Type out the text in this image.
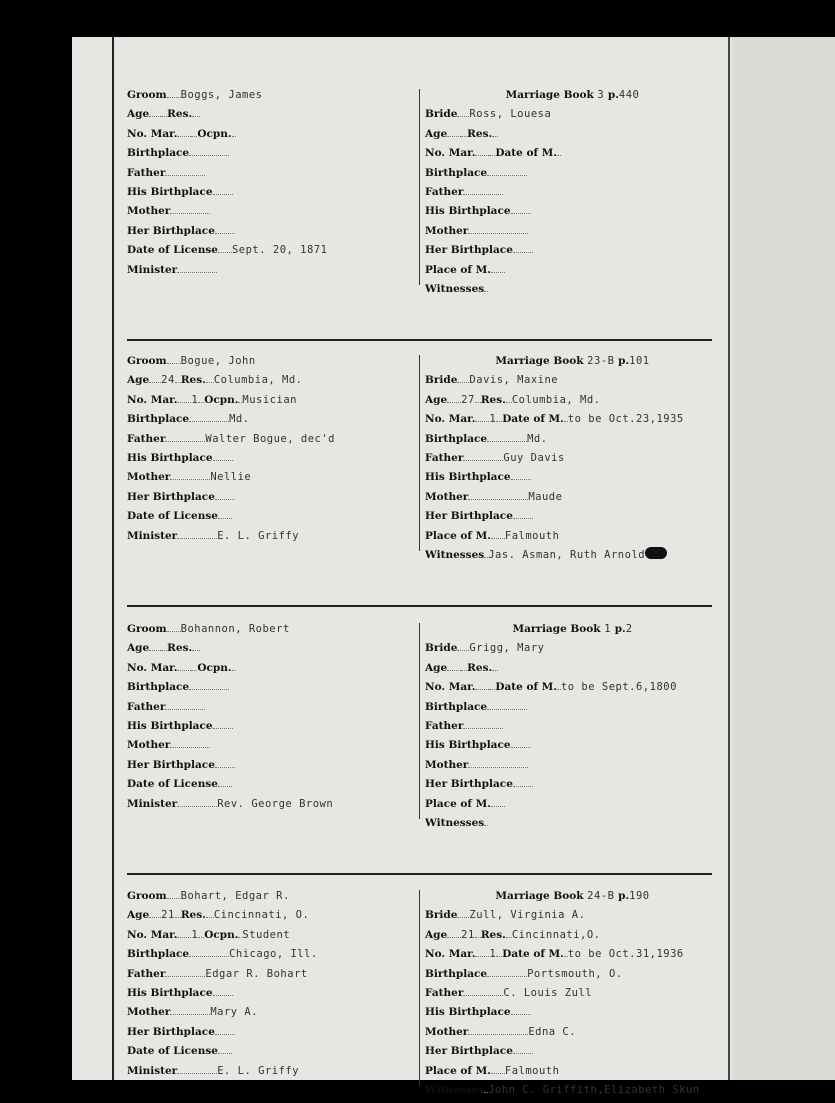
Groom Boggs, James
Age Res.
No. Mar. Ocpn.
Birthplace
Father
His Birthplace
Mother
Her Birthplace
Date of License Sept. 20, 1871
Minister
Marriage Book 3 p.440
Bride Ross, Louesa
Age Res.
No. Mar. Date of M.
Birthplace
Father
His Birthplace
Mother
Her Birthplace
Place of M.
Witnesses
Groom Bogue, John
Age 24 Res. Columbia, Md.
No. Mar. 1 Ocpn. Musician
Birthplace	Md.
Father	Walter Bogue, dec'd
His Birthplace
Mother	Nellie
Her Birthplace
Date of License
Minister	E. L. Griffy
Marriage Book 23-B p.101
Bride Davis, Maxine
Age 27 Res. Columbia, Md.
No. Mar. 1 Date of M. to be Oct.23,1935
Birthplace	Md.
Father	Guy Davis
His Birthplace
Mother	Maude
Her Birthplace
Place of M. Falmouth
Witnesses Jas. Asman, Ruth Arnold
Groom Bohannon, Robert
Age Res.
No. Mar. Ocpn.
Birthplace
Father
His Birthplace
Mother
Her Birthplace
Date of License
Minister	Rev. George Brown
Marriage Book 1 p.2
Bride Grigg, Mary
Age Res.
No. Mar. Date of M. to be Sept.6,1800
Birthplace
Father
His Birthplace
Mother
Her Birthplace
Place of M.
Witnesses
Groom Bohart, Edgar R.
Age 21 Res. Cincinnati, O.
No. Mar. 1 Ocpn. Student
Birthplace	Chicago, Ill.
Father	Edgar R. Bohart
His Birthplace
Mother	Mary A.
Her Birthplace
Date of License
Minister	E. L. Griffy
Marriage Book 24-B p.190
Bride Zull, Virginia A.
Age 21 Res. Cincinnati,O.
No. Mar. 1 Date of M. to be Oct.31,1936
Birthplace	Portsmouth, O.
Father	C. Louis Zull
His Birthplace
Mother	Edna C.
Her Birthplace
Place of M. Falmouth
Witnesses John C. Griffith,Elizabeth Skun
